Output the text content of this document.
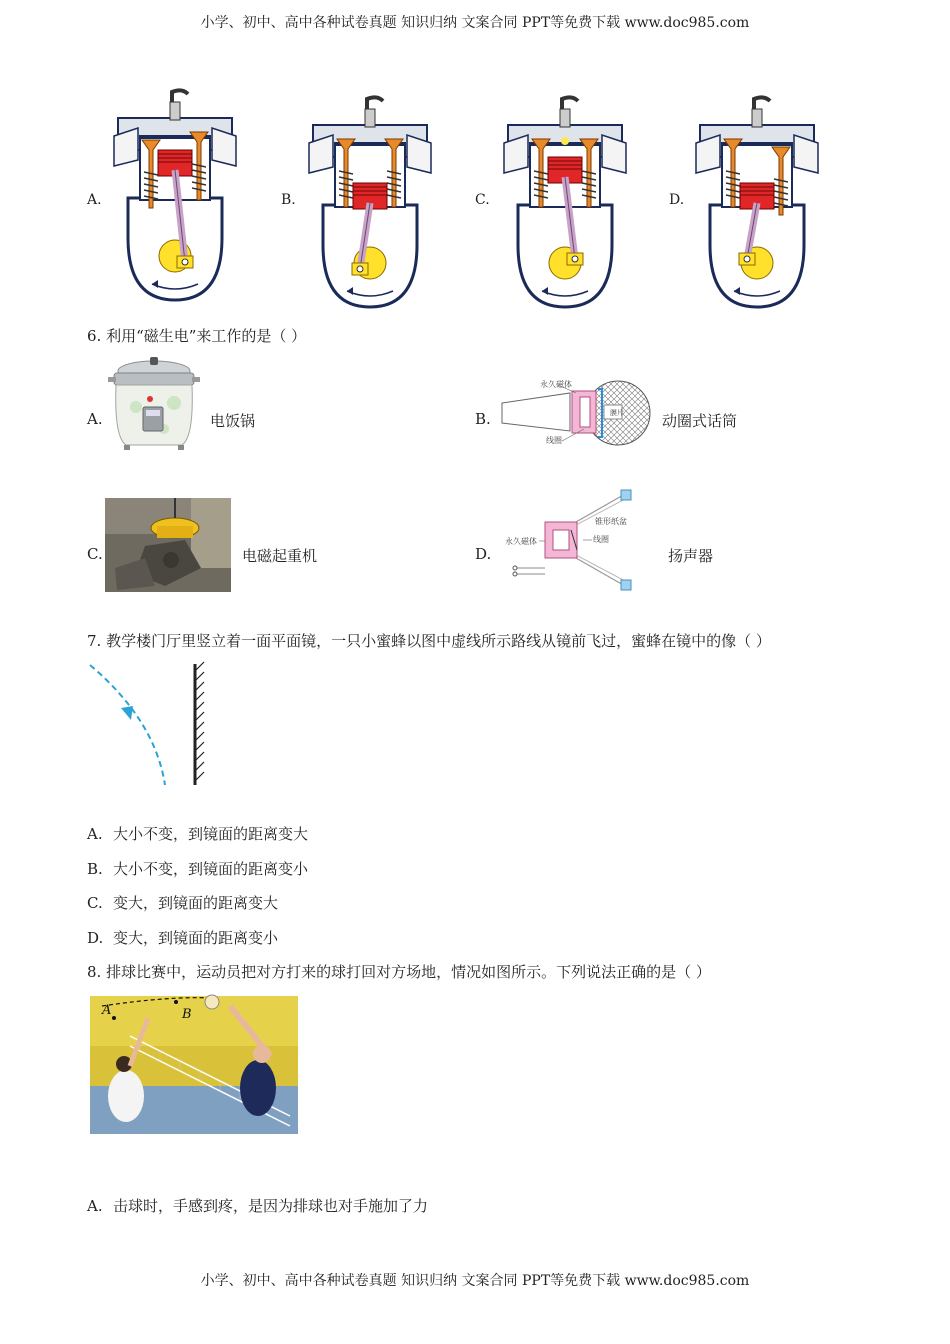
小学、初中、高中各种试卷真题 知识归纳 文案合同 PPT等免费下载 www.doc985.com
A.	B.	C.	D.
6. 利用“磁生电”来工作的是（ ）
A.	电饭锅	B.
永久磁体
膜片
线圈
动圈式话筒
C.	电磁起重机	D.
锥形纸盆
永久磁体	线圈
扬声器
7. 教学楼门厅里竖立着一面平面镜，一只小蜜蜂以图中虚线所示路线从镜前飞过，蜜蜂在镜中的像（ ）
A. 大小不变，到镜面的距离变大
B. 大小不变，到镜面的距离变小
C. 变大，到镜面的距离变大
D. 变大，到镜面的距离变小
8. 排球比赛中，运动员把对方打来的球打回对方场地，情况如图所示。下列说法正确的是（ ）
A	B
A. 击球时，手感到疼，是因为排球也对手施加了力
小学、初中、高中各种试卷真题 知识归纳 文案合同 PPT等免费下载 www.doc985.com
